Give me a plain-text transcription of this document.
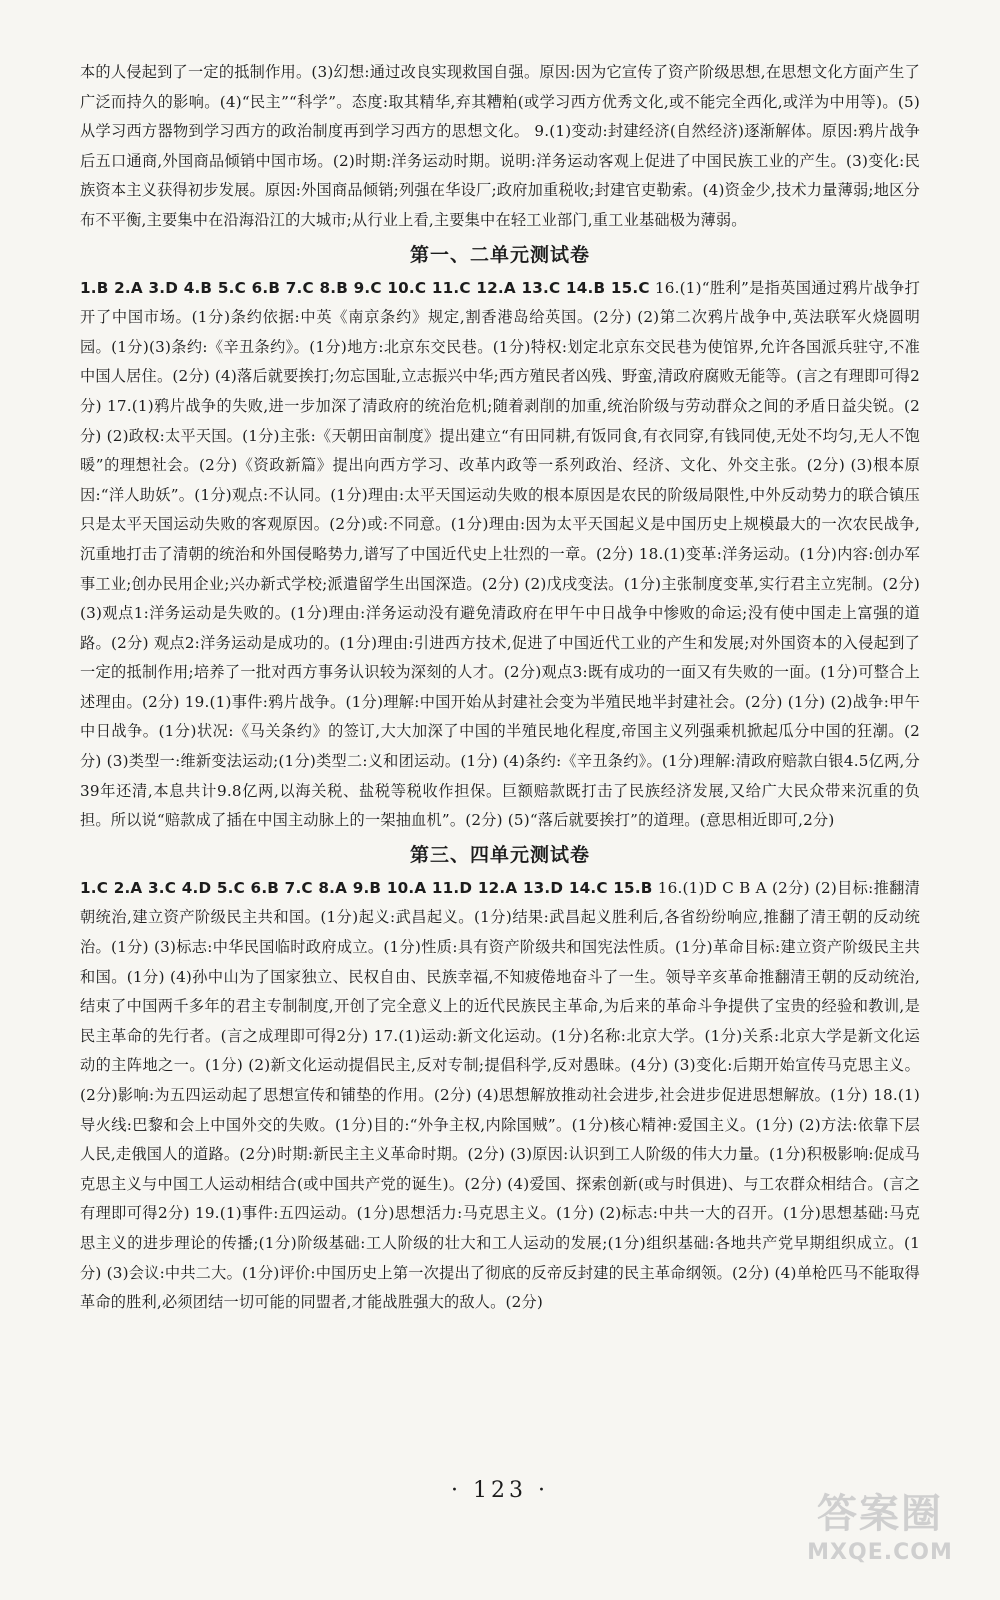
本的人侵起到了一定的抵制作用。(3)幻想:通过改良实现救国自强。原因:因为它宣传了资产阶级思想,在思想文化方面产生了广泛而持久的影响。(4)“民主”“科学”。态度:取其精华,弃其糟粕(或学习西方优秀文化,或不能完全西化,或洋为中用等)。(5)从学习西方器物到学习西方的政治制度再到学习西方的思想文化。 9.(1)变动:封建经济(自然经济)逐渐解体。原因:鸦片战争后五口通商,外国商品倾销中国市场。(2)时期:洋务运动时期。说明:洋务运动客观上促进了中国民族工业的产生。(3)变化:民族资本主义获得初步发展。原因:外国商品倾销;列强在华设厂;政府加重税收;封建官吏勒索。(4)资金少,技术力量薄弱;地区分布不平衡,主要集中在沿海沿江的大城市;从行业上看,主要集中在轻工业部门,重工业基础极为薄弱。

第一、二单元测试卷

1.B 2.A 3.D 4.B 5.C 6.B 7.C 8.B 9.C 10.C 11.C 12.A 13.C 14.B 15.C 16.(1)“胜利”是指英国通过鸦片战争打开了中国市场。(1分)条约依据:中英《南京条约》规定,割香港岛给英国。(2分) (2)第二次鸦片战争中,英法联军火烧圆明园。(1分)(3)条约:《辛丑条约》。(1分)地方:北京东交民巷。(1分)特权:划定北京东交民巷为使馆界,允许各国派兵驻守,不准中国人居住。(2分) (4)落后就要挨打;勿忘国耻,立志振兴中华;西方殖民者凶残、野蛮,清政府腐败无能等。(言之有理即可得2分) 17.(1)鸦片战争的失败,进一步加深了清政府的统治危机;随着剥削的加重,统治阶级与劳动群众之间的矛盾日益尖锐。(2分) (2)政权:太平天国。(1分)主张:《天朝田亩制度》提出建立“有田同耕,有饭同食,有衣同穿,有钱同使,无处不均匀,无人不饱暖”的理想社会。(2分)《资政新篇》提出向西方学习、改革内政等一系列政治、经济、文化、外交主张。(2分) (3)根本原因:“洋人助妖”。(1分)观点:不认同。(1分)理由:太平天国运动失败的根本原因是农民的阶级局限性,中外反动势力的联合镇压只是太平天国运动失败的客观原因。(2分)或:不同意。(1分)理由:因为太平天国起义是中国历史上规模最大的一次农民战争,沉重地打击了清朝的统治和外国侵略势力,谱写了中国近代史上壮烈的一章。(2分) 18.(1)变革:洋务运动。(1分)内容:创办军事工业;创办民用企业;兴办新式学校;派遣留学生出国深造。(2分) (2)戊戌变法。(1分)主张制度变革,实行君主立宪制。(2分) (3)观点1:洋务运动是失败的。(1分)理由:洋务运动没有避免清政府在甲午中日战争中惨败的命运;没有使中国走上富强的道路。(2分) 观点2:洋务运动是成功的。(1分)理由:引进西方技术,促进了中国近代工业的产生和发展;对外国资本的入侵起到了一定的抵制作用;培养了一批对西方事务认识较为深刻的人才。(2分)观点3:既有成功的一面又有失败的一面。(1分)可整合上述理由。(2分) 19.(1)事件:鸦片战争。(1分)理解:中国开始从封建社会变为半殖民地半封建社会。(2分) (1分) (2)战争:甲午中日战争。(1分)状况:《马关条约》的签订,大大加深了中国的半殖民地化程度,帝国主义列强乘机掀起瓜分中国的狂潮。(2分) (3)类型一:维新变法运动;(1分)类型二:义和团运动。(1分) (4)条约:《辛丑条约》。(1分)理解:清政府赔款白银4.5亿两,分39年还清,本息共计9.8亿两,以海关税、盐税等税收作担保。巨额赔款既打击了民族经济发展,又给广大民众带来沉重的负担。所以说“赔款成了插在中国主动脉上的一架抽血机”。(2分) (5)“落后就要挨打”的道理。(意思相近即可,2分)

第三、四单元测试卷

1.C 2.A 3.C 4.D 5.C 6.B 7.C 8.A 9.B 10.A 11.D 12.A 13.D 14.C 15.B 16.(1)D C B A (2分) (2)目标:推翻清朝统治,建立资产阶级民主共和国。(1分)起义:武昌起义。(1分)结果:武昌起义胜利后,各省纷纷响应,推翻了清王朝的反动统治。(1分) (3)标志:中华民国临时政府成立。(1分)性质:具有资产阶级共和国宪法性质。(1分)革命目标:建立资产阶级民主共和国。(1分) (4)孙中山为了国家独立、民权自由、民族幸福,不知疲倦地奋斗了一生。领导辛亥革命推翻清王朝的反动统治,结束了中国两千多年的君主专制制度,开创了完全意义上的近代民族民主革命,为后来的革命斗争提供了宝贵的经验和教训,是民主革命的先行者。(言之成理即可得2分) 17.(1)运动:新文化运动。(1分)名称:北京大学。(1分)关系:北京大学是新文化运动的主阵地之一。(1分) (2)新文化运动提倡民主,反对专制;提倡科学,反对愚昧。(4分) (3)变化:后期开始宣传马克思主义。(2分)影响:为五四运动起了思想宣传和铺垫的作用。(2分) (4)思想解放推动社会进步,社会进步促进思想解放。(1分) 18.(1)导火线:巴黎和会上中国外交的失败。(1分)目的:“外争主权,内除国贼”。(1分)核心精神:爱国主义。(1分) (2)方法:依靠下层人民,走俄国人的道路。(2分)时期:新民主主义革命时期。(2分) (3)原因:认识到工人阶级的伟大力量。(1分)积极影响:促成马克思主义与中国工人运动相结合(或中国共产党的诞生)。(2分) (4)爱国、探索创新(或与时俱进)、与工农群众相结合。(言之有理即可得2分) 19.(1)事件:五四运动。(1分)思想活力:马克思主义。(1分) (2)标志:中共一大的召开。(1分)思想基础:马克思主义的进步理论的传播;(1分)阶级基础:工人阶级的壮大和工人运动的发展;(1分)组织基础:各地共产党早期组织成立。(1分) (3)会议:中共二大。(1分)评价:中国历史上第一次提出了彻底的反帝反封建的民主革命纲领。(2分) (4)单枪匹马不能取得革命的胜利,必须团结一切可能的同盟者,才能战胜强大的敌人。(2分)

· 123 ·
答案圈
MXQE.COM
